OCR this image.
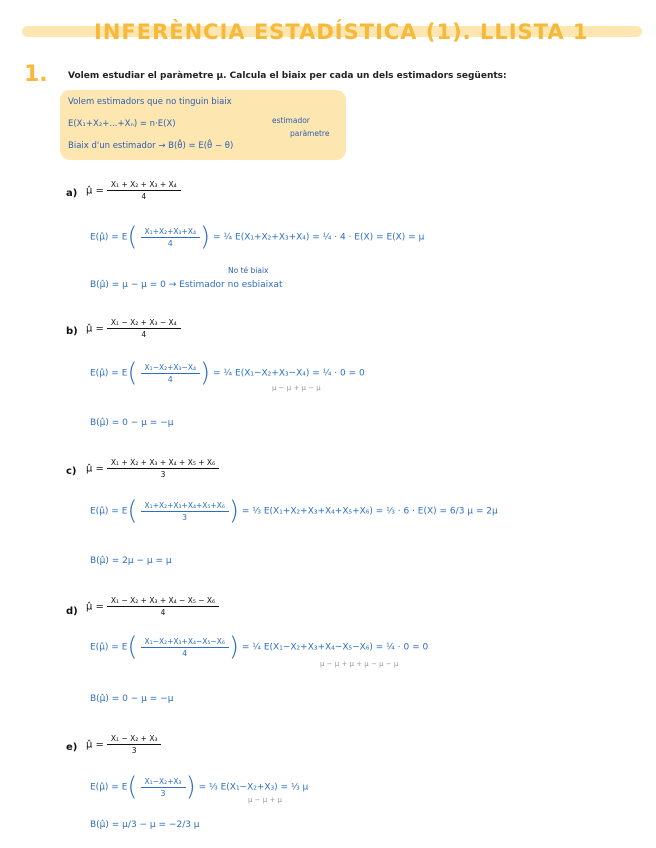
INFERÈNCIA ESTADÍSTICA (1). LLISTA 1
1. Volem estudiar el paràmetre μ. Calcula el biaix per cada un dels estimadors següents:
Volem estimadors que no tinguin biaix
E(X₁+X₂+...+Xₙ) = n·E(X)
Biaix d'un estimador → B(θ̂) = E(θ̂ − θ)
estimador
paràmetre
a) μ̂ = $\frac{\text{X₁ + X₂ + X₃ + X₄}}{4}$
E(μ̂) = $E( \frac{\text{X₁+X₂+X₃+X₄}}{4}$ ) = ¼ E(X₁+X₂+X₃+X₄) = ¼ · 4 · E(X) = E(X) = μ
No té biaix
B(μ̂) = μ − μ = 0 → Estimador no esbiaixat
b) μ̂ = $\frac{\text{X₁ − X₂ + X₃ − X₄}}{4}$
E(μ̂) = $E( \frac{\text{X₁−X₂+X₃−X₄}}{4}$ ) = ¼ E(X₁−X₂+X₃−X₄) = ¼ · 0 = 0
μ − μ + μ − μ
B(μ̂) = 0 − μ = −μ
c) μ̂ = $\frac{\text{X₁ + X₂ + X₃ + X₄ + X₅ + X₆}}{3}$
E(μ̂) = $E( \frac{\text{X₁+X₂+X₃+X₄+X₅+X₆}}{3}$ ) = ⅓ E(X₁+X₂+X₃+X₄+X₅+X₆) = ⅓ · 6 · E(X) = 6/3 μ = 2μ
B(μ̂) = 2μ − μ = μ
d) μ̂ = $\frac{\text{X₁ − X₂ + X₃ + X₄ − X₅ − X₆}}{4}$
E(μ̂) = $E( \frac{\text{X₁−X₂+X₃+X₄−X₅−X₆}}{4}$ ) = ¼ E(X₁−X₂+X₃+X₄−X₅−X₆) = ¼ · 0 = 0
μ − μ + μ + μ − μ − μ
B(μ̂) = 0 − μ = −μ
e) μ̂ = $\frac{\text{X₁ − X₂ + X₃}}{3}$
E(μ̂) = $E( \frac{\text{X₁−X₂+X₃}}{3}$ ) = ⅓ E(X₁−X₂+X₃) = ⅓ μ
μ − μ + μ
B(μ̂) = μ/3 − μ = −2/3 μ
